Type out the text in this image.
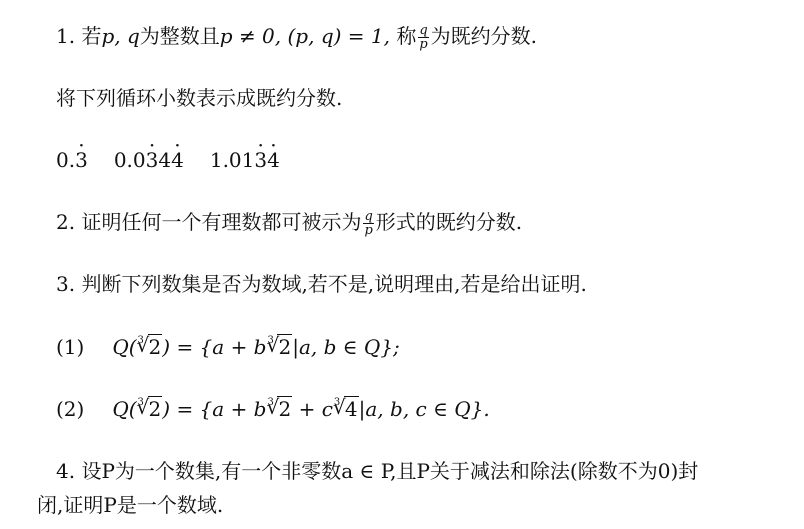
1. 若p, q为整数且p ≠ 0, (p, q) = 1, 称 $\frac{q}{p}$ 为既约分数.
将下列循环小数表示成既约分数.
0.3 · 0.03 ·44 · 1.013 ·4 ·
2. 证明任何一个有理数都可被示为 $\frac{q}{p}$ 形式的既约分数.
3. 判断下列数集是否为数域,若不是,说明理由,若是给出证明.
(1) Q( √ 3 2) = {a + b √ 3 2|a, b ∈ Q};
(2) Q( √ 3 2) = {a + b √ 3 2 + c √ 3 4|a, b, c ∈ Q}.
4. 设P为一个数集,有一个非零数a ∈ P,且P关于减法和除法(除数不为0)封
闭,证明P是一个数域.
